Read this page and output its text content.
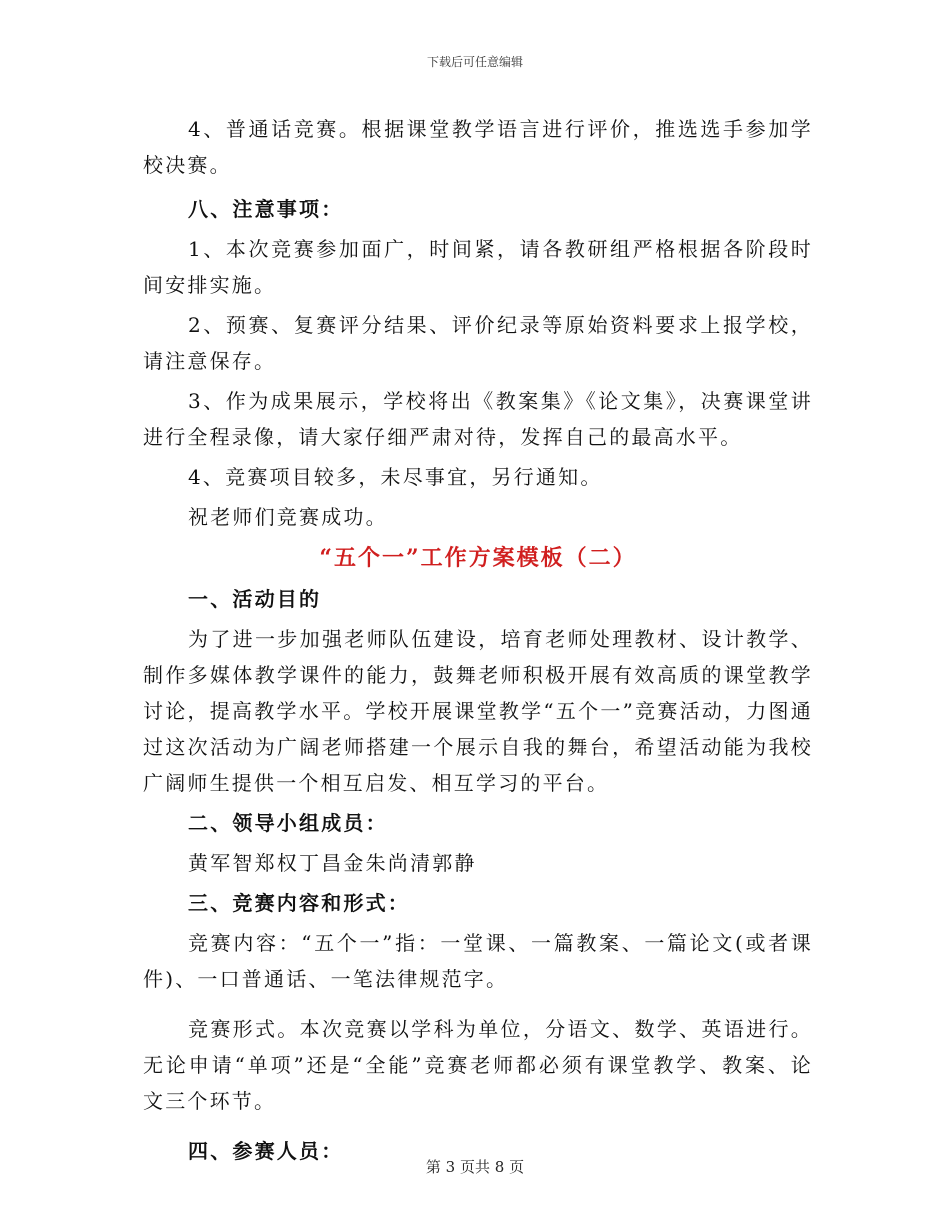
下载后可任意编辑

4、普通话竞赛。根据课堂教学语言进行评价，推选选手参加学校决赛。

八、注意事项：

1、本次竞赛参加面广，时间紧，请各教研组严格根据各阶段时间安排实施。

2、预赛、复赛评分结果、评价纪录等原始资料要求上报学校，请注意保存。

3、作为成果展示，学校将出《教案集》《论文集》，决赛课堂讲进行全程录像，请大家仔细严肃对待，发挥自己的最高水平。

4、竞赛项目较多，未尽事宜，另行通知。

祝老师们竞赛成功。

“五个一”工作方案模板（二）

一、活动目的

为了进一步加强老师队伍建设，培育老师处理教材、设计教学、制作多媒体教学课件的能力，鼓舞老师积极开展有效高质的课堂教学讨论，提高教学水平。学校开展课堂教学“五个一”竞赛活动，力图通过这次活动为广阔老师搭建一个展示自我的舞台，希望活动能为我校广阔师生提供一个相互启发、相互学习的平台。

二、领导小组成员：

黄军智郑权丁昌金朱尚清郭静

三、竞赛内容和形式：

竞赛内容：“五个一”指：一堂课、一篇教案、一篇论文(或者课件)、一口普通话、一笔法律规范字。

竞赛形式。本次竞赛以学科为单位，分语文、数学、英语进行。无论申请“单项”还是“全能”竞赛老师都必须有课堂教学、教案、论文三个环节。

四、参赛人员：

第 3 页共 8 页
